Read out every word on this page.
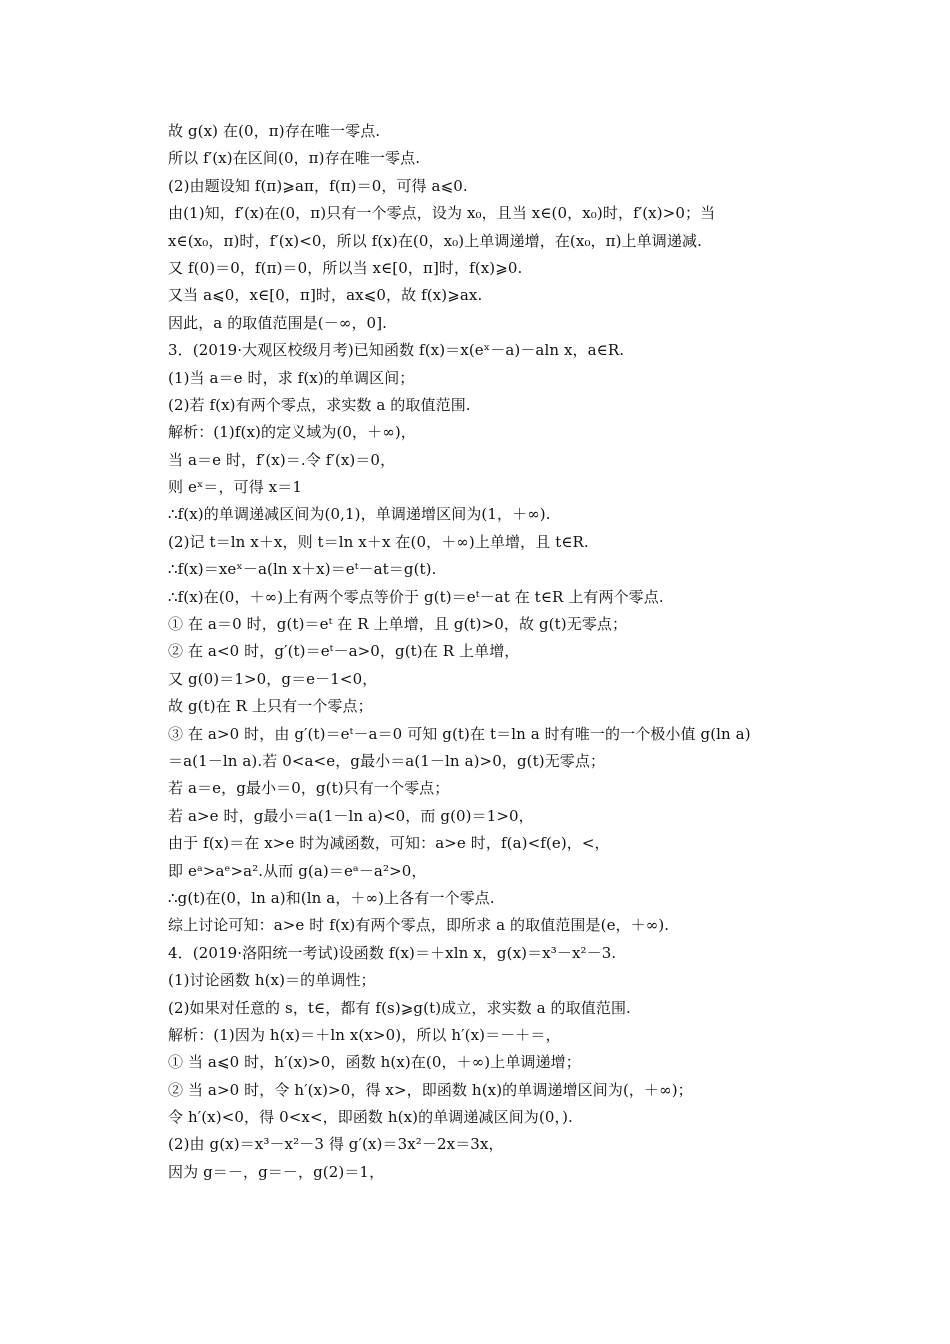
故 g(x) 在(0，π)存在唯一零点.
所以 f′(x)在区间(0，π)存在唯一零点.
(2)由题设知 f(π)⩾aπ，f(π)＝0，可得 a⩽0.
由(1)知，f′(x)在(0，π)只有一个零点，设为 x₀，且当 x∈(0，x₀)时，f′(x)>0；当
x∈(x₀，π)时，f′(x)<0，所以 f(x)在(0，x₀)上单调递增，在(x₀，π)上单调递减.
又 f(0)＝0，f(π)＝0，所以当 x∈[0，π]时，f(x)⩾0.
又当 a⩽0，x∈[0，π]时，ax⩽0，故 f(x)⩾ax.
因此，a 的取值范围是(－∞，0].
3．(2019·大观区校级月考)已知函数 f(x)＝x(eˣ－a)－aln x，a∈R.
(1)当 a＝e 时，求 f(x)的单调区间；
(2)若 f(x)有两个零点，求实数 a 的取值范围.
解析：(1)f(x)的定义域为(0，＋∞)，
当 a＝e 时，f′(x)＝.令 f′(x)＝0，
则 eˣ＝，可得 x＝1
∴f(x)的单调递减区间为(0,1)，单调递增区间为(1，＋∞).
(2)记 t＝ln x＋x，则 t＝ln x＋x 在(0，＋∞)上单增，且 t∈R.
∴f(x)＝xeˣ－a(ln x＋x)＝eᵗ－at＝g(t).
∴f(x)在(0，＋∞)上有两个零点等价于 g(t)＝eᵗ－at 在 t∈R 上有两个零点.
① 在 a＝0 时，g(t)＝eᵗ 在 R 上单增，且 g(t)>0，故 g(t)无零点；
② 在 a<0 时，g′(t)＝eᵗ－a>0，g(t)在 R 上单增，
又 g(0)＝1>0，g＝e－1<0，
故 g(t)在 R 上只有一个零点；
③ 在 a>0 时，由 g′(t)＝eᵗ－a＝0 可知 g(t)在 t＝ln a 时有唯一的一个极小值 g(ln a)
＝a(1－ln a).若 0<a<e，g最小＝a(1－ln a)>0，g(t)无零点；
若 a＝e，g最小＝0，g(t)只有一个零点；
若 a>e 时，g最小＝a(1－ln a)<0，而 g(0)＝1>0，
由于 f(x)＝在 x>e 时为减函数，可知：a>e 时，f(a)<f(e)，<，
即 eᵃ>aᵉ>a².从而 g(a)＝eᵃ－a²>0，
∴g(t)在(0，ln a)和(ln a，＋∞)上各有一个零点.
综上讨论可知：a>e 时 f(x)有两个零点，即所求 a 的取值范围是(e，＋∞).
4．(2019·洛阳统一考试)设函数 f(x)＝＋xln x，g(x)＝x³－x²－3.
(1)讨论函数 h(x)＝的单调性；
(2)如果对任意的 s，t∈，都有 f(s)⩾g(t)成立，求实数 a 的取值范围.
解析：(1)因为 h(x)＝＋ln x(x>0)，所以 h′(x)＝－＋＝，
① 当 a⩽0 时，h′(x)>0，函数 h(x)在(0，＋∞)上单调递增；
② 当 a>0 时，令 h′(x)>0，得 x>，即函数 h(x)的单调递增区间为(，＋∞)；
令 h′(x)<0，得 0<x<，即函数 h(x)的单调递减区间为(0，).
(2)由 g(x)＝x³－x²－3 得 g′(x)＝3x²－2x＝3x，
因为 g＝－，g＝－，g(2)＝1，
